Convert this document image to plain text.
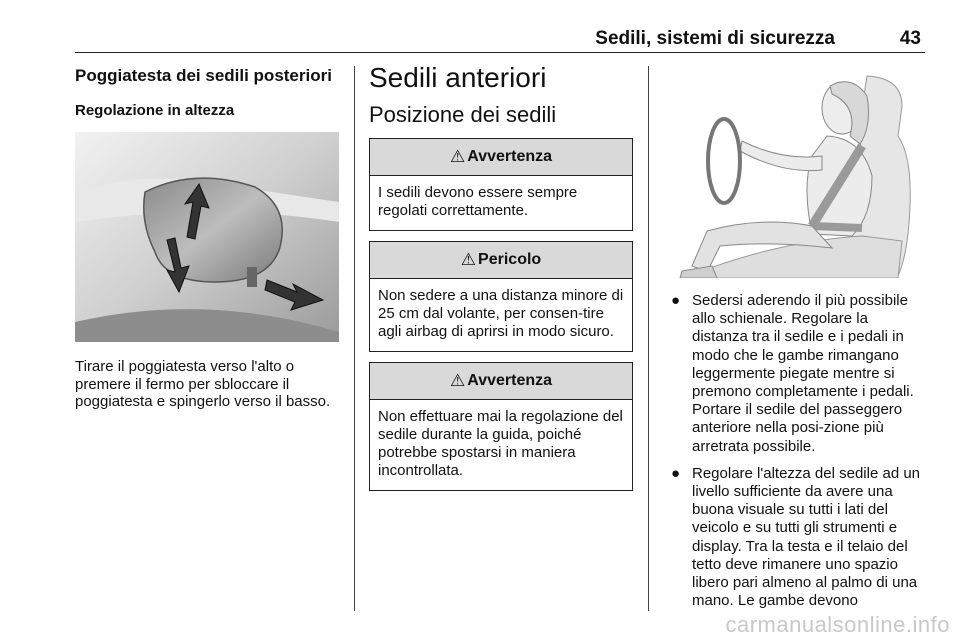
Sedili, sistemi di sicurezza	43
Poggiatesta dei sedili posteriori
Regolazione in altezza
Tirare il poggiatesta verso l'alto o premere il fermo per sbloccare il poggiatesta e spingerlo verso il basso.
Sedili anteriori
Posizione dei sedili
⚠ Avvertenza
I sedili devono essere sempre regolati correttamente.
⚠ Pericolo
Non sedere a una distanza minore di 25 cm dal volante, per consen-tire agli airbag di aprirsi in modo sicuro.
⚠ Avvertenza
Non effettuare mai la regolazione del sedile durante la guida, poiché potrebbe spostarsi in maniera incontrollata.
● Sedersi aderendo il più possibile allo schienale. Regolare la distanza tra il sedile e i pedali in modo che le gambe rimangano leggermente piegate mentre si premono completamente i pedali. Portare il sedile del passeggero anteriore nella posi-zione più arretrata possibile.
● Regolare l'altezza del sedile ad un livello sufficiente da avere una buona visuale su tutti i lati del veicolo e su tutti gli strumenti e display. Tra la testa e il telaio del tetto deve rimanere uno spazio libero pari almeno al palmo di una mano. Le gambe devono
carmanualsonline.info
